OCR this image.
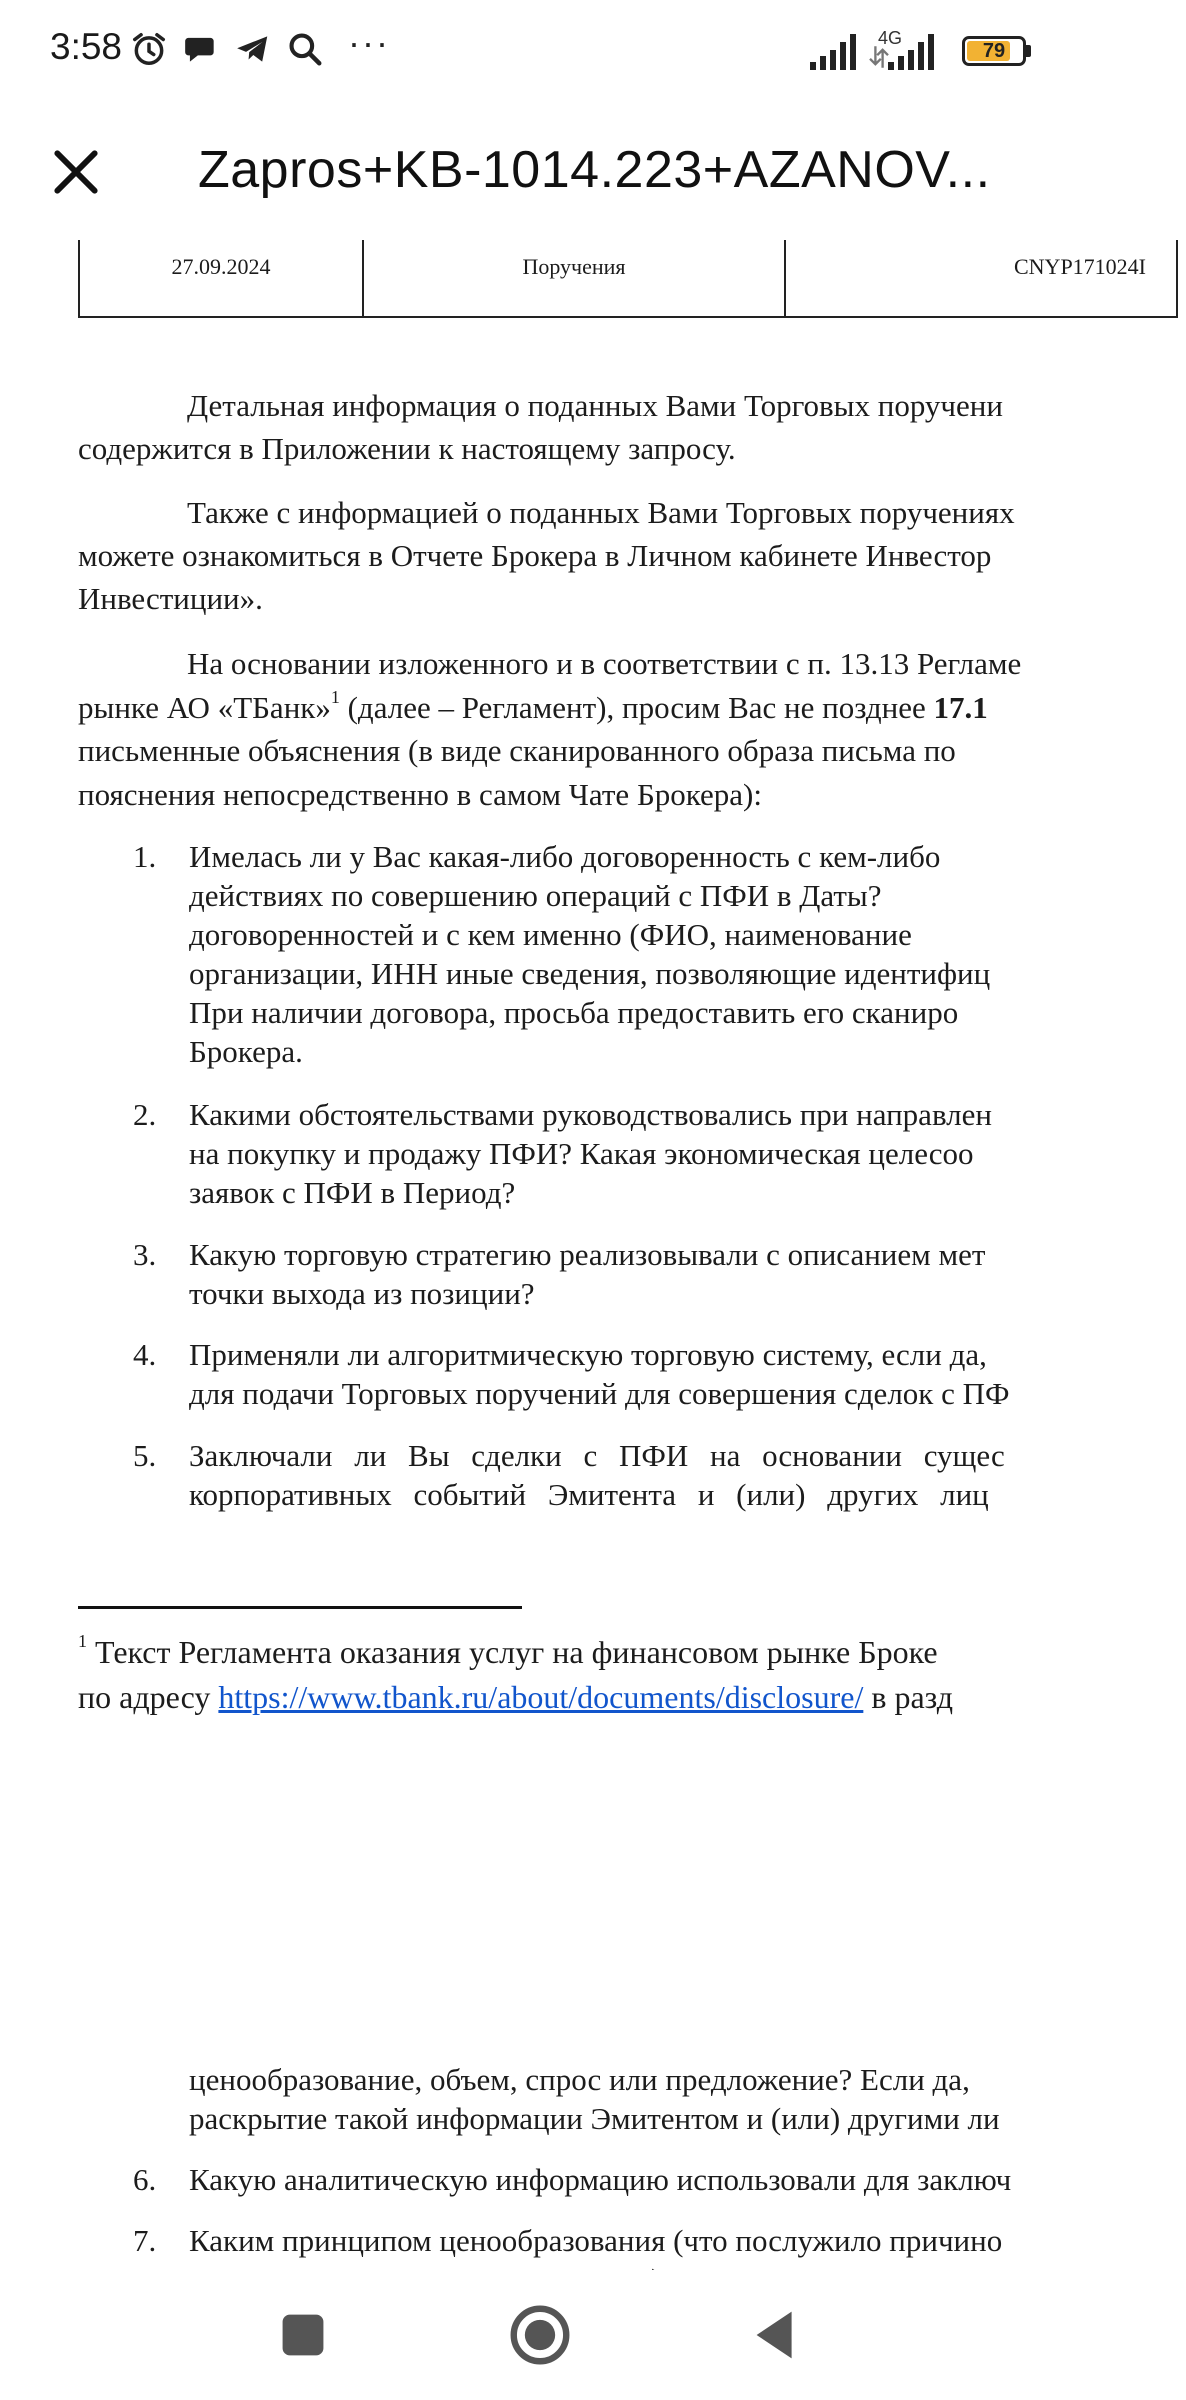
3:58	···	4G
79
Zapros+KB-1014.223+AZANOV...
27.09.2024	Поручения	CNYP171024I
Детальная информация о поданных Вами Торговых поручени
содержится в Приложении к настоящему запросу.
Также с информацией о поданных Вами Торговых поручениях
можете ознакомиться в Отчете Брокера в Личном кабинете Инвестор
Инвестиции».
На основании изложенного и в соответствии с п. 13.13 Регламе
рынке АО «ТБанк»$^1$ (далее – Регламент), просим Вас не позднее 17.1
письменные объяснения (в виде сканированного образа письма по
пояснения непосредственно в самом Чате Брокера):
1. Имелась ли у Вас какая-либо договоренность с кем-либо
действиях по совершению операций с ПФИ в Даты?
договоренностей и с кем именно (ФИО, наименование
организации, ИНН иные сведения, позволяющие идентифиц
При наличии договора, просьба предоставить его сканиро
Брокера.
2. Какими обстоятельствами руководствовались при направлен
на покупку и продажу ПФИ? Какая экономическая целесоо
заявок с ПФИ в Период?
3. Какую торговую стратегию реализовывали с описанием мет
точки выхода из позиции?
4. Применяли ли алгоритмическую торговую систему, если да,
для подачи Торговых поручений для совершения сделок с ПФ
5. Заключали ли Вы сделки с ПФИ на основании сущес
корпоративных событий Эмитента и (или) других лиц
$^1$ Текст Регламента оказания услуг на финансовом рынке Броке
по адресу https://www.tbank.ru/about/documents/disclosure/ в разд
ценообразование, объем, спрос или предложение? Если да,
раскрытие такой информации Эмитентом и (или) другими ли
6. Какую аналитическую информацию использовали для заключ
7. Каким принципом ценообразования (что послужило причино
